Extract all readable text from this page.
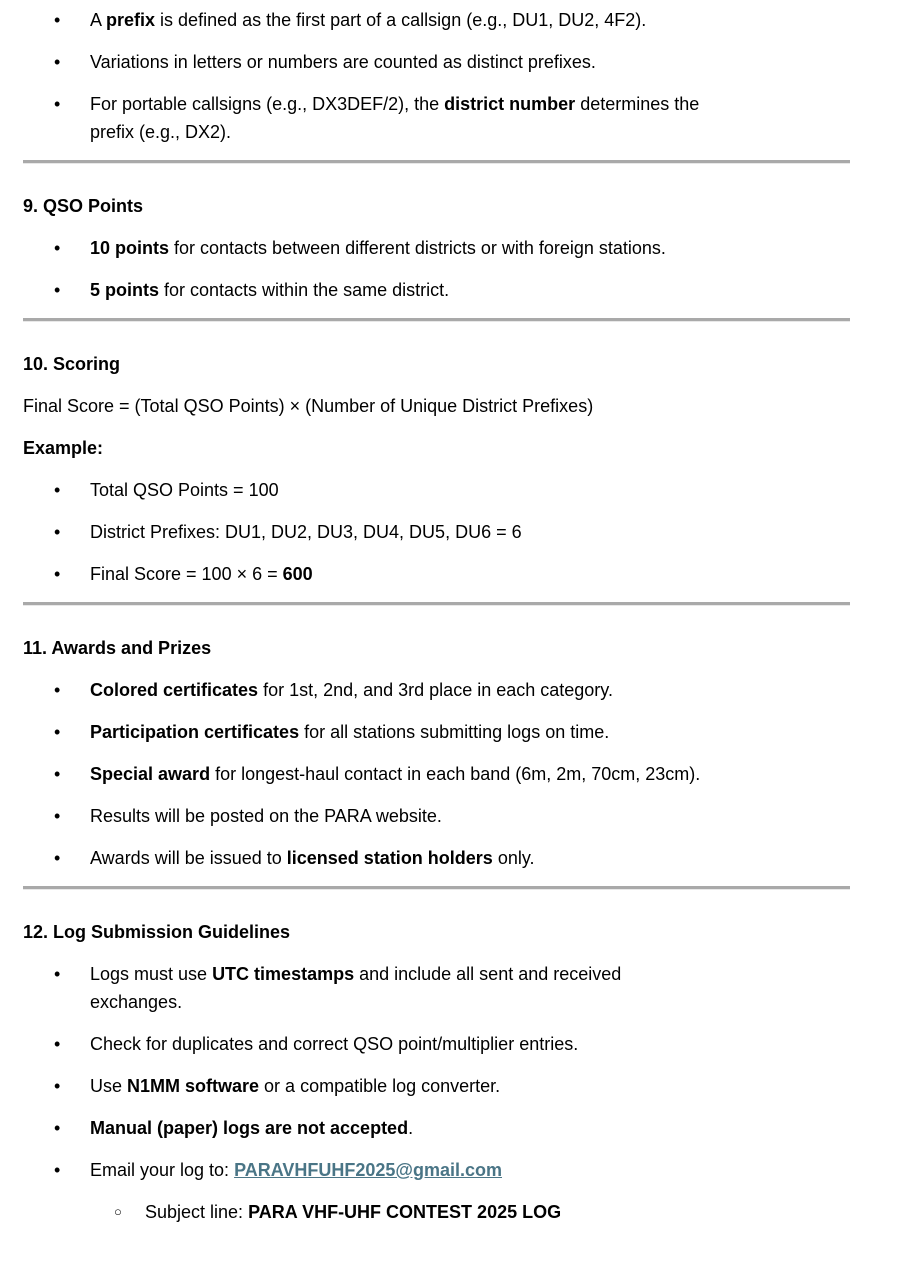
• A prefix is defined as the first part of a callsign (e.g., DU1, DU2, 4F2).
• Variations in letters or numbers are counted as distinct prefixes.
• For portable callsigns (e.g., DX3DEF/2), the district number determines the
prefix (e.g., DX2).
9. QSO Points
• 10 points for contacts between different districts or with foreign stations.
• 5 points for contacts within the same district.
10. Scoring

Final Score = (Total QSO Points) × (Number of Unique District Prefixes)

Example:

• Total QSO Points = 100
• District Prefixes: DU1, DU2, DU3, DU4, DU5, DU6 = 6
• Final Score = 100 × 6 = 600
11. Awards and Prizes
• Colored certificates for 1st, 2nd, and 3rd place in each category.
• Participation certificates for all stations submitting logs on time.
• Special award for longest-haul contact in each band (6m, 2m, 70cm, 23cm).
• Results will be posted on the PARA website.
• Awards will be issued to licensed station holders only.
12. Log Submission Guidelines
• Logs must use UTC timestamps and include all sent and received
exchanges.
• Check for duplicates and correct QSO point/multiplier entries.
• Use N1MM software or a compatible log converter.
• Manual (paper) logs are not accepted.
• Email your log to: PARAVHFUHF2025@gmail.com
○ Subject line: PARA VHF-UHF CONTEST 2025 LOG
